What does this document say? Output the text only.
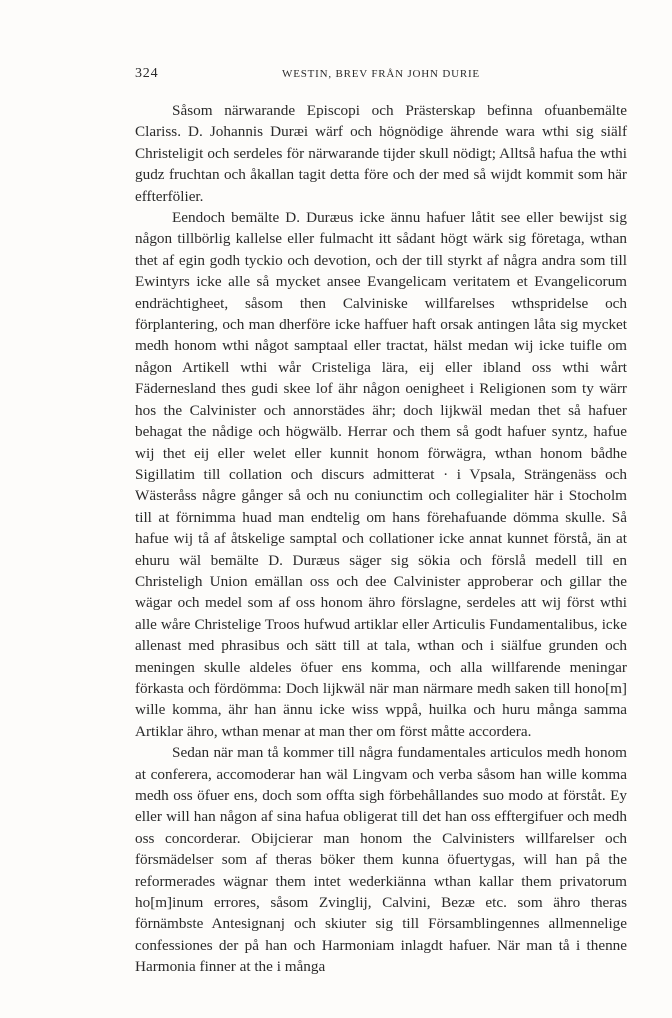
324	WESTIN, BREV FRÅN JOHN DURIE

Såsom närwarande Episcopi och Prästerskap befinna ofuanbemälte Clariss. D. Johannis Duræi wärf och högnödige ährende wara wthi sig siälf Christeligit och serdeles för närwarande tijder skull nödigt; Alltså hafua the wthi gudz fruchtan och åkallan tagit detta före och der med så wijdt kommit som här effterfölier.

Eendoch bemälte D. Duræus icke ännu hafuer låtit see eller bewijst sig någon tillbörlig kallelse eller fulmacht itt sådant högt wärk sig företaga, wthan thet af egin godh tyckio och devotion, och der till styrkt af några andra som till Ewintyrs icke alle så mycket ansee Evangelicam veritatem et Evangelicorum endrächtigheet, såsom then Calviniske willfarelses wthspridelse och förplantering, och man dherföre icke haffuer haft orsak antingen låta sig mycket medh honom wthi något samptaal eller tractat, hälst medan wij icke tuifle om någon Artikell wthi wår Cristeliga lära, eij eller ibland oss wthi wårt Fädernesland thes gudi skee lof ähr någon oenigheet i Religionen som ty wärr hos the Calvinister och annorstädes ähr; doch lijkwäl medan thet så hafuer behagat the nådige och högwälb. Herrar och them så godt hafuer syntz, hafue wij thet eij eller welet eller kunnit honom förwägra, wthan honom bådhe Sigillatim till collation och discurs admitterat · i Vpsala, Strängenäss och Wästeråss någre gånger så och nu coniunctim och collegialiter här i Stocholm till at förnimma huad man endtelig om hans förehafuande dömma skulle. Så hafue wij tå af åtskelige samptal och collationer icke annat kunnet förstå, än at ehuru wäl bemälte D. Duræus säger sig sökia och förslå medell till en Christeligh Union emällan oss och dee Calvinister approberar och gillar the wägar och medel som af oss honom ähro förslagne, serdeles att wij först wthi alle wåre Christelige Troos hufwud artiklar eller Articulis Fundamentalibus, icke allenast med phrasibus och sätt till at tala, wthan och i siälfue grunden och meningen skulle aldeles öfuer ens komma, och alla willfarende meningar förkasta och fördömma: Doch lijkwäl när man närmare medh saken till hono[m] wille komma, ähr han ännu icke wiss wppå, huilka och huru många samma Artiklar ähro, wthan menar at man ther om först måtte accordera.

Sedan när man tå kommer till några fundamentales articulos medh honom at conferera, accomoderar han wäl Lingvam och verba såsom han wille komma medh oss öfuer ens, doch som offta sigh förbehållandes suo modo at förståt. Ey eller will han någon af sina hafua obligerat till det han oss efftergifuer och medh oss concorderar. Obijcierar man honom the Calvinisters willfarelser och försmädelser som af theras böker them kunna öfuertygas, will han på the reformerades wägnar them intet wederkiänna wthan kallar them privatorum ho[m]inum errores, såsom Zvinglij, Calvini, Bezæ etc. som ähro theras förnämbste Antesignanj och skiuter sig till Församblingennes allmennelige confessiones der på han och Harmoniam inlagdt hafuer. När man tå i thenne Harmonia finner at the i många
